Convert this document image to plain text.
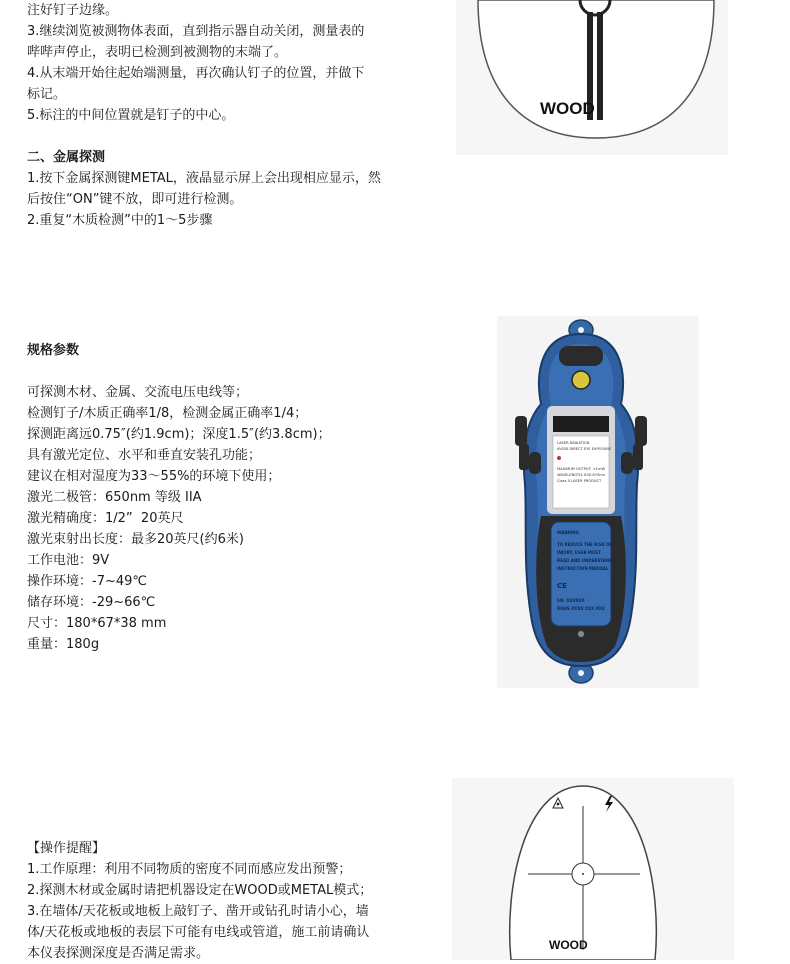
注好钉子边缘。

3.继续浏览被测物体表面，直到指示器自动关闭，测量表的

哔哔声停止，表明已检测到被测物的末端了。

4.从末端开始往起始端测量，再次确认钉子的位置，并做下

标记。

5.标注的中间位置就是钉子的中心。

二、金属探测

1.按下金属探测键METAL，液晶显示屏上会出现相应显示，然

后按住“ON”键不放，即可进行检测。

2.重复“木质检测”中的1～5步骤

规格参数

可探测木材、金属、交流电压电线等；

检测钉子/木质正确率1/8，检测金属正确率1/4；

探测距离远0.75″(约1.9cm)；深度1.5″(约3.8cm)；

具有激光定位、水平和垂直安装孔功能；

建议在相对湿度为33～55%的环境下使用；

激光二极管：650nm 等级 IIA

激光精确度：1/2”  20英尺

激光束射出长度：最多20英尺(约6米)

工作电池：9V

操作环境：-7~49℃

储存环境：-29~66℃

尺寸：180*67*38 mm

重量：180g

【操作提醒】

1.工作原理：利用不同物质的密度不同而感应发出预警；

2.探测木材或金属时请把机器设定在WOOD或METAL模式；

3.在墙体/天花板或地板上敲钉子、凿开或钻孔时请小心，墙

体/天花板或地板的表层下可能有电线或管道，施工前请确认

本仪表探测深度是否满足需求。

WOOD
LASER RADIATION
AVOID DIRECT EYE EXPOSURE
MAXIMUM OUTPUT: <1mW
WAVELENGTH: 630-670nm
Class II LASER PRODUCT
WARNING
TO REDUCE THE RISK OF
INJURY, USER MUST
READ AND UNDERSTAND
INSTRUCTION MANUAL
CE
SN: XXXXXX
ROHS XXXX XXX XXX
WOOD
